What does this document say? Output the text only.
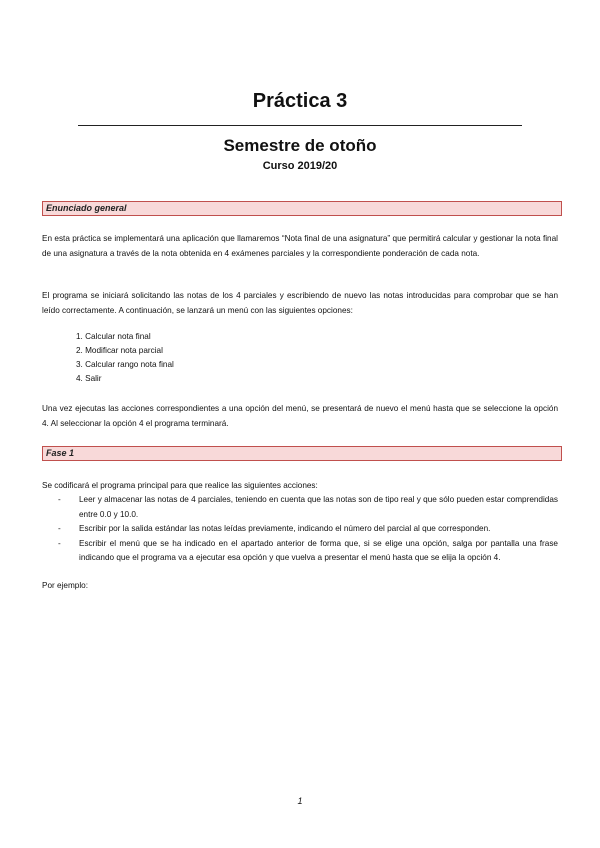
Práctica 3
Semestre de otoño
Curso 2019/20
Enunciado general
En esta práctica se implementará una aplicación que llamaremos “Nota final de una asignatura” que permitirá calcular y gestionar la nota final de una asignatura a través de la nota obtenida en 4 exámenes parciales y la correspondiente ponderación de cada nota.
El programa se iniciará solicitando las notas de los 4 parciales y escribiendo de nuevo las notas introducidas para comprobar que se han leído correctamente. A continuación, se lanzará un menú con las siguientes opciones:
1. Calcular nota final
2. Modificar nota parcial
3. Calcular rango nota final
4. Salir
Una vez ejecutas las acciones correspondientes a una opción del menú, se presentará de nuevo el menú hasta que se seleccione la opción 4. Al seleccionar la opción 4 el programa terminará.
Fase 1
Se codificará el programa principal para que realice las siguientes acciones:
- Leer y almacenar las notas de 4 parciales, teniendo en cuenta que las notas son de tipo real y que sólo pueden estar comprendidas entre 0.0 y 10.0.
- Escribir por la salida estándar las notas leídas previamente, indicando el número del parcial al que corresponden.
- Escribir el menú que se ha indicado en el apartado anterior de forma que, si se elige una opción, salga por pantalla una frase indicando que el programa va a ejecutar esa opción y que vuelva a presentar el menú hasta que se elija la opción 4.
Por ejemplo:
1
